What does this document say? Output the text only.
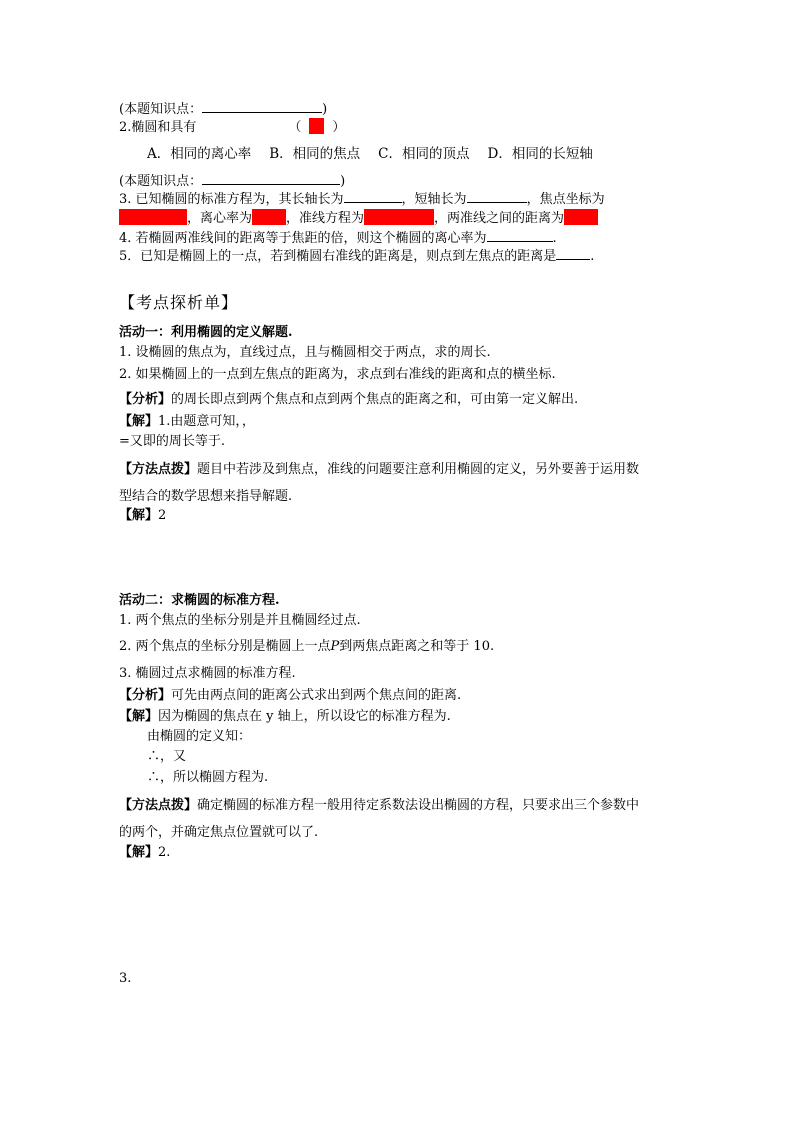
(本题知识点：	)
2.椭圆和具有	（ ）
A．相同的离心率 B．相同的焦点 C．相同的顶点 D．相同的长短轴
(本题知识点：	)
3. 已知椭圆的标准方程为，其长轴长为	，短轴长为	，焦点坐标为
，离心率为	，准线方程为	，两准线之间的距离为
4. 若椭圆两准线间的距离等于焦距的倍，则这个椭圆的离心率为	.
5．已知是椭圆上的一点，若到椭圆右准线的距离是，则点到左焦点的距离是	.
【考点探析单】
活动一：利用椭圆的定义解题.
1. 设椭圆的焦点为，直线过点，且与椭圆相交于两点，求的周长.
2. 如果椭圆上的一点到左焦点的距离为，求点到右准线的距离和点的横坐标.
【分析】的周长即点到两个焦点和点到两个焦点的距离之和，可由第一定义解出.
【解】1.由题意可知，，
=又即的周长等于.
【方法点拨】题目中若涉及到焦点，准线的问题要注意利用椭圆的定义，另外要善于运用数
型结合的数学思想来指导解题.
【解】2
活动二：求椭圆的标准方程.
1. 两个焦点的坐标分别是并且椭圆经过点.
2. 两个焦点的坐标分别是椭圆上一点P到两焦点距离之和等于 10.
3. 椭圆过点求椭圆的标准方程.
【分析】可先由两点间的距离公式求出到两个焦点间的距离.
【解】因为椭圆的焦点在 y 轴上，所以设它的标准方程为.
由椭圆的定义知：
∴，又
∴，所以椭圆方程为.
【方法点拨】确定椭圆的标准方程一般用待定系数法设出椭圆的方程，只要求出三个参数中
的两个，并确定焦点位置就可以了.
【解】2.
3.
